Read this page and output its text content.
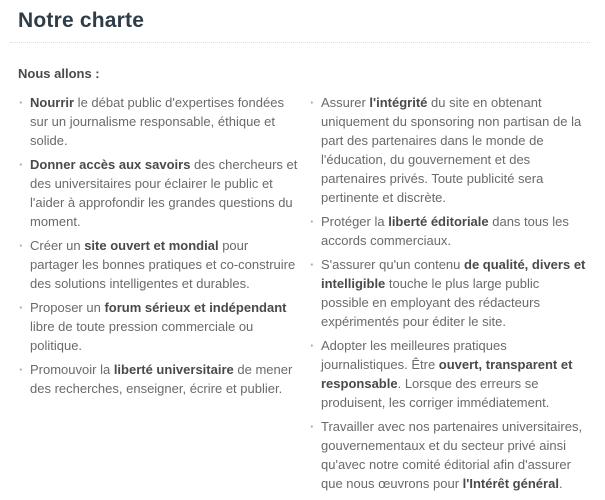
Notre charte

Nous allons :

· Nourrir le débat public d'expertises fondées sur un journalisme responsable, éthique et solide.
· Donner accès aux savoirs des chercheurs et des universitaires pour éclairer le public et l'aider à approfondir les grandes questions du moment.
· Créer un site ouvert et mondial pour partager les bonnes pratiques et co-construire des solutions intelligentes et durables.
· Proposer un forum sérieux et indépendant libre de toute pression commerciale ou politique.
· Promouvoir la liberté universitaire de mener des recherches, enseigner, écrire et publier.
· Assurer l'intégrité du site en obtenant uniquement du sponsoring non partisan de la part des partenaires dans le monde de l'éducation, du gouvernement et des partenaires privés. Toute publicité sera pertinente et discrète.
· Protéger la liberté éditoriale dans tous les accords commerciaux.
· S'assurer qu'un contenu de qualité, divers et intelligible touche le plus large public possible en employant des rédacteurs expérimentés pour éditer le site.
· Adopter les meilleures pratiques journalistiques. Être ouvert, transparent et responsable. Lorsque des erreurs se produisent, les corriger immédiatement.
· Travailler avec nos partenaires universitaires, gouvernementaux et du secteur privé ainsi qu'avec notre comité éditorial afin d'assurer que nous œuvrons pour l'Intérêt général.
